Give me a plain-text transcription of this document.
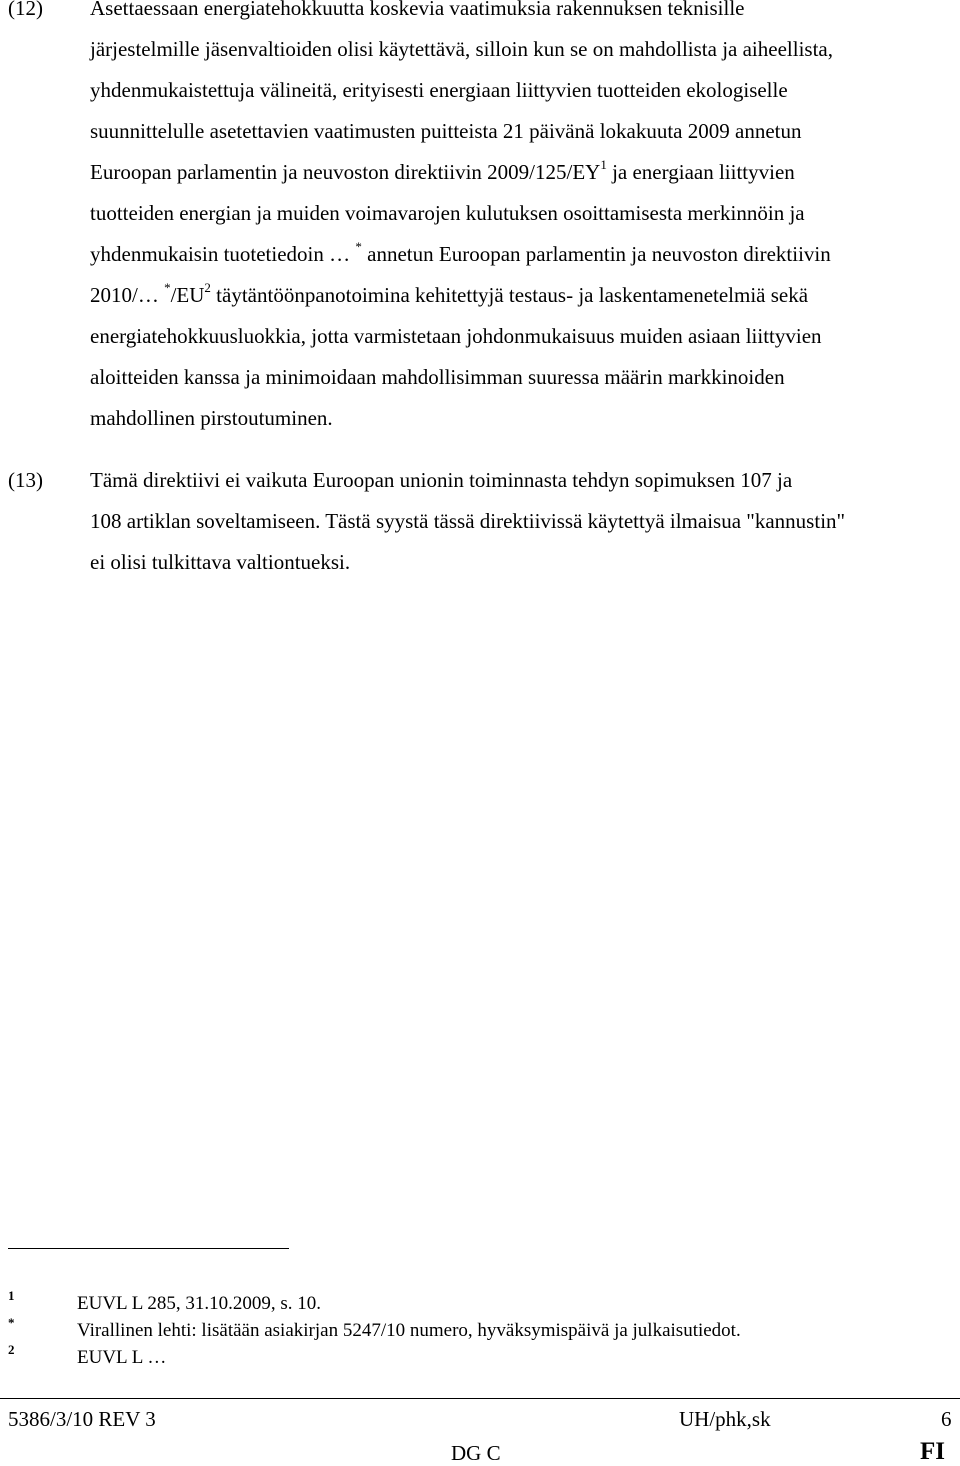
(12) Asettaessaan energiatehokkuutta koskevia vaatimuksia rakennuksen teknisille
järjestelmille jäsenvaltioiden olisi käytettävä, silloin kun se on mahdollista ja aiheellista,
yhdenmukaistettuja välineitä, erityisesti energiaan liittyvien tuotteiden ekologiselle
suunnittelulle asetettavien vaatimusten puitteista 21 päivänä lokakuuta 2009 annetun
Euroopan parlamentin ja neuvoston direktiivin $2009/125/EY^1$ ja energiaan liittyvien
tuotteiden energian ja muiden voimavarojen kulutuksen osoittamisesta merkinnöin ja
yhdenmukaisin tuotetiedoin … * annetun Euroopan parlamentin ja neuvoston direktiivin
2010/… $^*/EU^2$ täytäntöönpanotoimina kehitettyjä testaus- ja laskentamenetelmiä sekä
energiatehokkuusluokkia, jotta varmistetaan johdonmukaisuus muiden asiaan liittyvien
aloitteiden kanssa ja minimoidaan mahdollisimman suuressa määrin markkinoiden
mahdollinen pirstoutuminen.
(13) Tämä direktiivi ei vaikuta Euroopan unionin toiminnasta tehdyn sopimuksen 107 ja
108 artiklan soveltamiseen. Tästä syystä tässä direktiivissä käytettyä ilmaisua "kannustin"
ei olisi tulkittava valtiontueksi.
1	EUVL L 285, 31.10.2009, s. 10.
*	Virallinen lehti: lisätään asiakirjan 5247/10 numero, hyväksymispäivä ja julkaisutiedot.
2	EUVL L …
5386/3/10 REV 3	UH/phk,sk	6
DG C	FI
